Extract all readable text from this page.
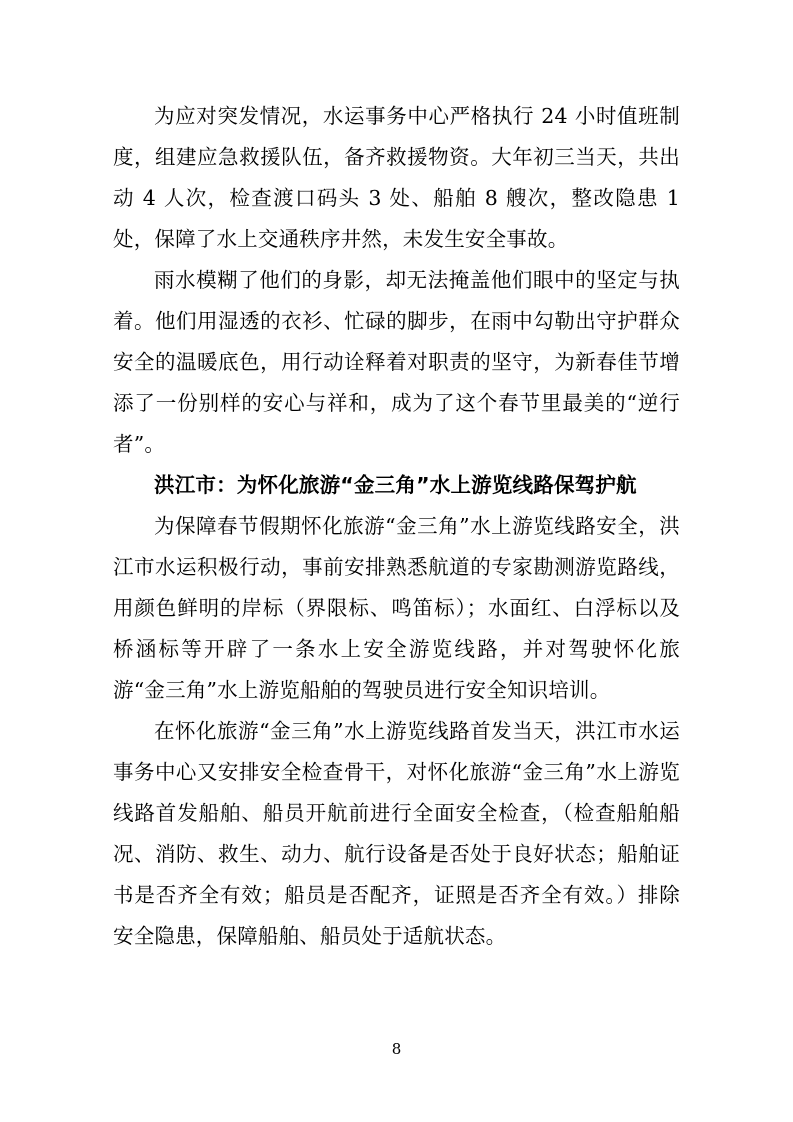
为应对突发情况，水运事务中心严格执行 24 小时值班制度，组建应急救援队伍，备齐救援物资。大年初三当天，共出动 4 人次，检查渡口码头 3 处、船舶 8 艘次，整改隐患 1 处，保障了水上交通秩序井然，未发生安全事故。

雨水模糊了他们的身影，却无法掩盖他们眼中的坚定与执着。他们用湿透的衣衫、忙碌的脚步，在雨中勾勒出守护群众安全的温暖底色，用行动诠释着对职责的坚守，为新春佳节增添了一份别样的安心与祥和，成为了这个春节里最美的“逆行者”。

洪江市：为怀化旅游“金三角”水上游览线路保驾护航

为保障春节假期怀化旅游“金三角”水上游览线路安全，洪江市水运积极行动，事前安排熟悉航道的专家勘测游览路线，用颜色鲜明的岸标（界限标、鸣笛标）；水面红、白浮标以及桥涵标等开辟了一条水上安全游览线路，并对驾驶怀化旅游“金三角”水上游览船舶的驾驶员进行安全知识培训。

在怀化旅游“金三角”水上游览线路首发当天，洪江市水运事务中心又安排安全检查骨干，对怀化旅游“金三角”水上游览线路首发船舶、船员开航前进行全面安全检查，（检查船舶船况、消防、救生、动力、航行设备是否处于良好状态；船舶证书是否齐全有效；船员是否配齐，证照是否齐全有效。）排除安全隐患，保障船舶、船员处于适航状态。

8
